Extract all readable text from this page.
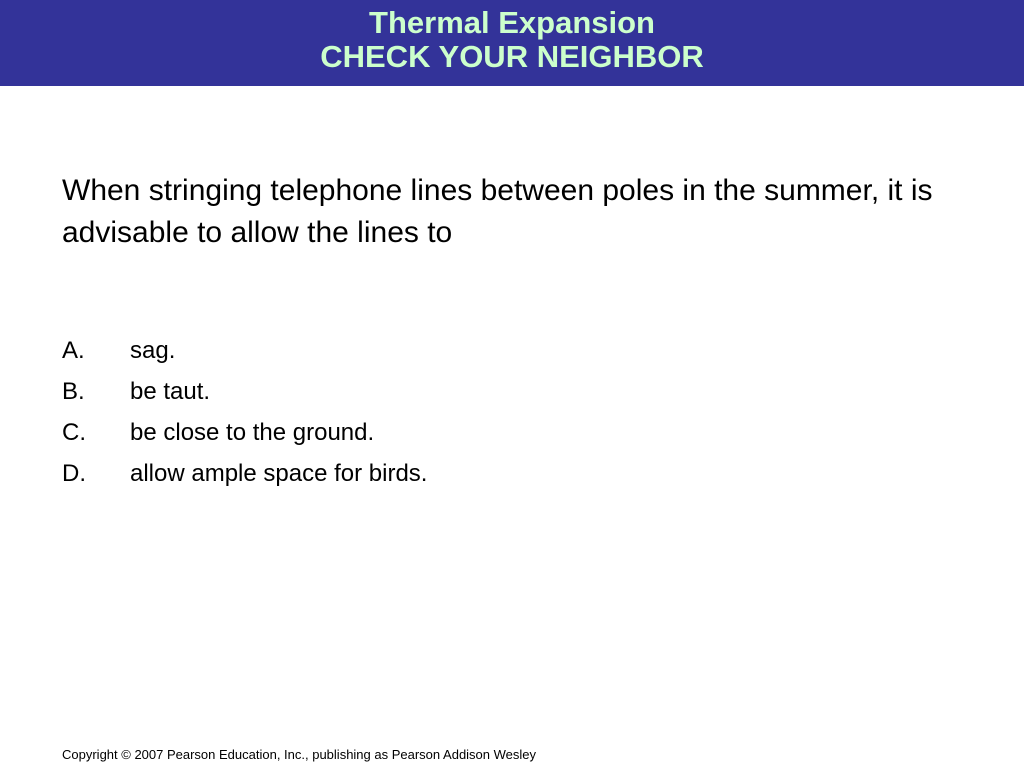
Thermal Expansion
CHECK YOUR NEIGHBOR

When stringing telephone lines between poles in the summer, it is advisable to allow the lines to

A. sag.
B. be taut.
C. be close to the ground.
D. allow ample space for birds.
Copyright © 2007 Pearson Education, Inc., publishing as Pearson Addison Wesley
